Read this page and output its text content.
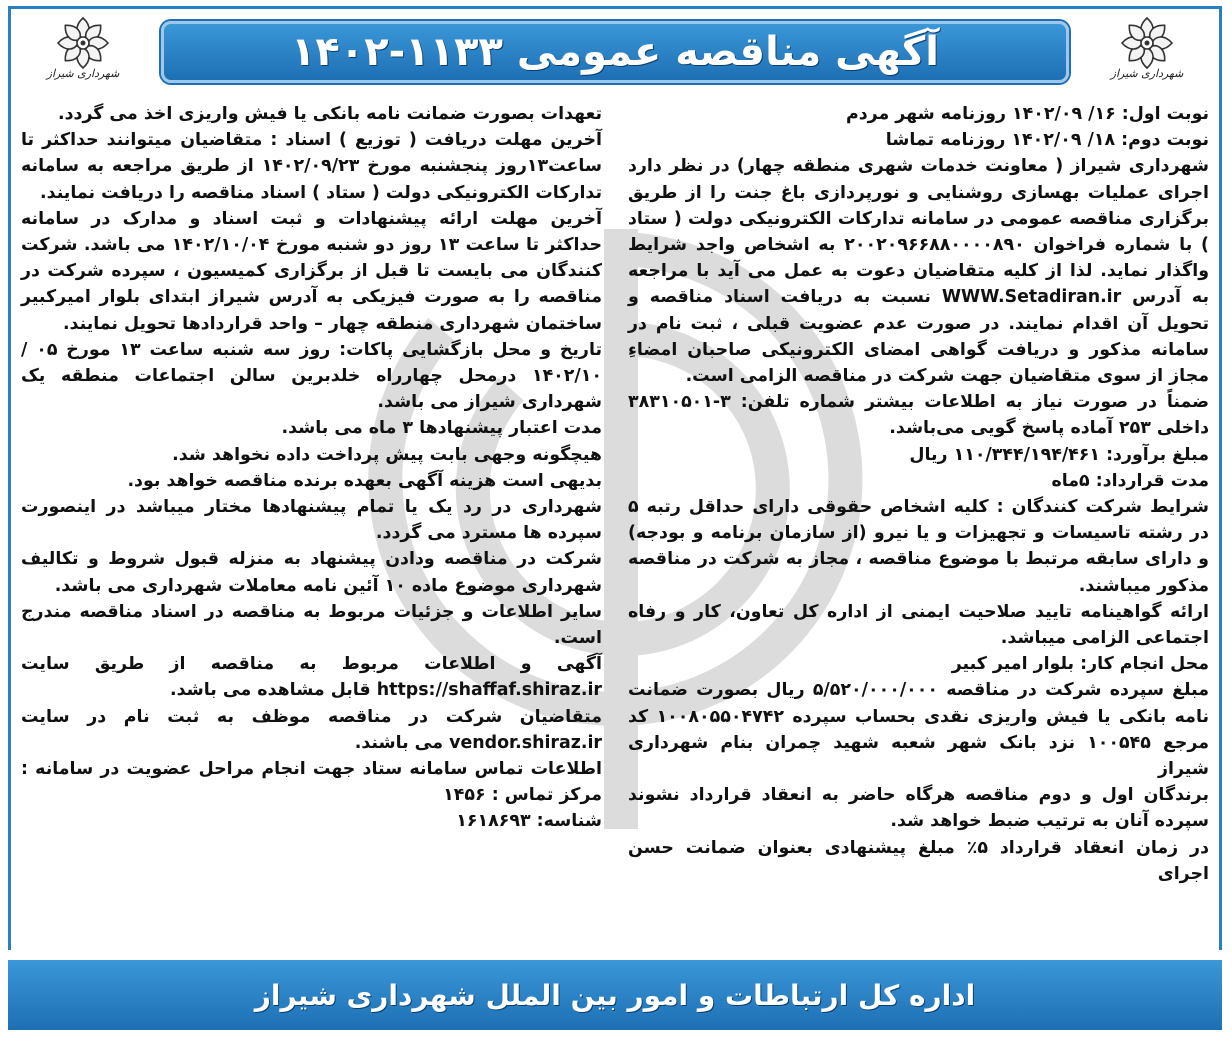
شهرداری شیراز
آگهی مناقصه عمومی ۱۱۳۳-۱۴۰۲
شهرداری شیراز

نوبت اول: ۱۶/ ۱۴۰۲/۰۹ روزنامه شهر مردم

نوبت دوم: ۱۸/ ۱۴۰۲/۰۹ روزنامه تماشا

شهرداری شیراز ( معاونت خدمات شهری منطقه چهار) در نظر دارد اجرای عملیات بهسازی روشنایی و نورپردازی باغ جنت را از طریق برگزاری مناقصه عمومی در سامانه تدارکات الکترونیکی دولت ( ستاد ) با شماره فراخوان ۲۰۰۲۰۹۶۶۸۸۰۰۰۰۸۹۰ به اشخاص واجد شرایط واگذار نماید. لذا از کلیه متقاضیان دعوت به عمل می آید با مراجعه به آدرس WWW.Setadiran.ir نسبت به دریافت اسناد مناقصه و تحویل آن اقدام نمایند. در صورت عدم عضویت قبلی ، ثبت نام در سامانه مذکور و دریافت گواهی امضای الکترونیکی صاحبان امضاءِ مجاز از سوی متقاضیان جهت شرکت در مناقصه الزامی است.

ضمناً در صورت نیاز به اطلاعات بیشتر شماره تلفن: ۳-۳۸۳۱۰۵۰۱ داخلی ۲۵۳ آماده پاسخ گویی می‌باشد.

مبلغ برآورد: ۱۱۰/۳۴۴/۱۹۴/۴۶۱ ریال

مدت قرارداد: ۵ماه

شرایط شرکت کنندگان : کلیه اشخاص حقوقی دارای حداقل رتبه ۵ در رشته تاسیسات و تجهیزات و یا نیرو (از سازمان برنامه و بودجه) و دارای سابقه مرتبط با موضوع مناقصه ، مجاز به شرکت در مناقصه مذکور میباشند.

ارائه گواهینامه تایید صلاحیت ایمنی از اداره کل تعاون، کار و رفاه اجتماعی الزامی میباشد.

محل انجام کار: بلوار امیر کبیر

مبلغ سپرده شرکت در مناقصه ۵/۵۲۰/۰۰۰/۰۰۰ ریال بصورت ضمانت نامه بانکی یا فیش واریزی نقدی بحساب سپرده ۱۰۰۸۰۵۵۰۴۷۴۲ کد مرجع ۱۰۰۵۴۵ نزد بانک شهر شعبه شهید چمران بنام شهرداری شیراز

برندگان اول و دوم مناقصه هرگاه حاضر به انعقاد قرارداد نشوند سپرده آنان به ترتیب ضبط خواهد شد.

در زمان انعقاد قرارداد ۵٪ مبلغ پیشنهادی بعنوان ضمانت حسن اجرای

تعهدات بصورت ضمانت نامه بانکی یا فیش واریزی اخذ می گردد.

آخرین مهلت دریافت ( توزیع ) اسناد : متقاضیان میتوانند حداکثر تا ساعت۱۳روز پنجشنبه مورخ ۱۴۰۲/۰۹/۲۳ از طریق مراجعه به سامانه تدارکات الکترونیکی دولت ( ستاد ) اسناد مناقصه را دریافت نمایند.

آخرین مهلت ارائه پیشنهادات و ثبت اسناد و مدارک در سامانه حداکثر تا ساعت ۱۳ روز دو شنبه مورخ ۱۴۰۲/۱۰/۰۴ می باشد. شرکت کنندگان می بایست تا قبل از برگزاری کمیسیون ، سپرده شرکت در مناقصه را به صورت فیزیکی به آدرس شیراز ابتدای بلوار امیرکبیر ساختمان شهرداری منطقه چهار – واحد قراردادها تحویل نمایند.

تاریخ و محل بازگشایی پاکات: روز سه شنبه ساعت ۱۳ مورخ ۰۵ /۱۴۰۲/۱۰ درمحل چهارراه خلدبرین سالن اجتماعات منطقه یک شهرداری شیراز می باشد.

مدت اعتبار پیشنهادها ۳ ماه می باشد.

هیچگونه وجهی بابت پیش پرداخت داده نخواهد شد.

بدیهی است هزینه آگهی بعهده برنده مناقصه خواهد بود.

شهرداری در رد یک یا تمام پیشنهادها مختار میباشد در اینصورت سپرده ها مسترد می گردد.

شرکت در مناقصه ودادن پیشنهاد به منزله قبول شروط و تکالیف شهرداری موضوع ماده ۱۰ آئین نامه معاملات شهرداری می باشد.

سایر اطلاعات و جزئیات مربوط به مناقصه در اسناد مناقصه مندرج است.

آگهی و اطلاعات مربوط به مناقصه از طریق سایت https://shaffaf.shiraz.ir قابل مشاهده می باشد.

متقاضیان شرکت در مناقصه موظف به ثبت نام در سایت vendor.shiraz.ir می باشند.

اطلاعات تماس سامانه ستاد جهت انجام مراحل عضویت در سامانه : مرکز تماس : ۱۴۵۶

شناسه: ۱۶۱۸۶۹۳

اداره کل ارتباطات و امور بین الملل شهرداری شیراز
